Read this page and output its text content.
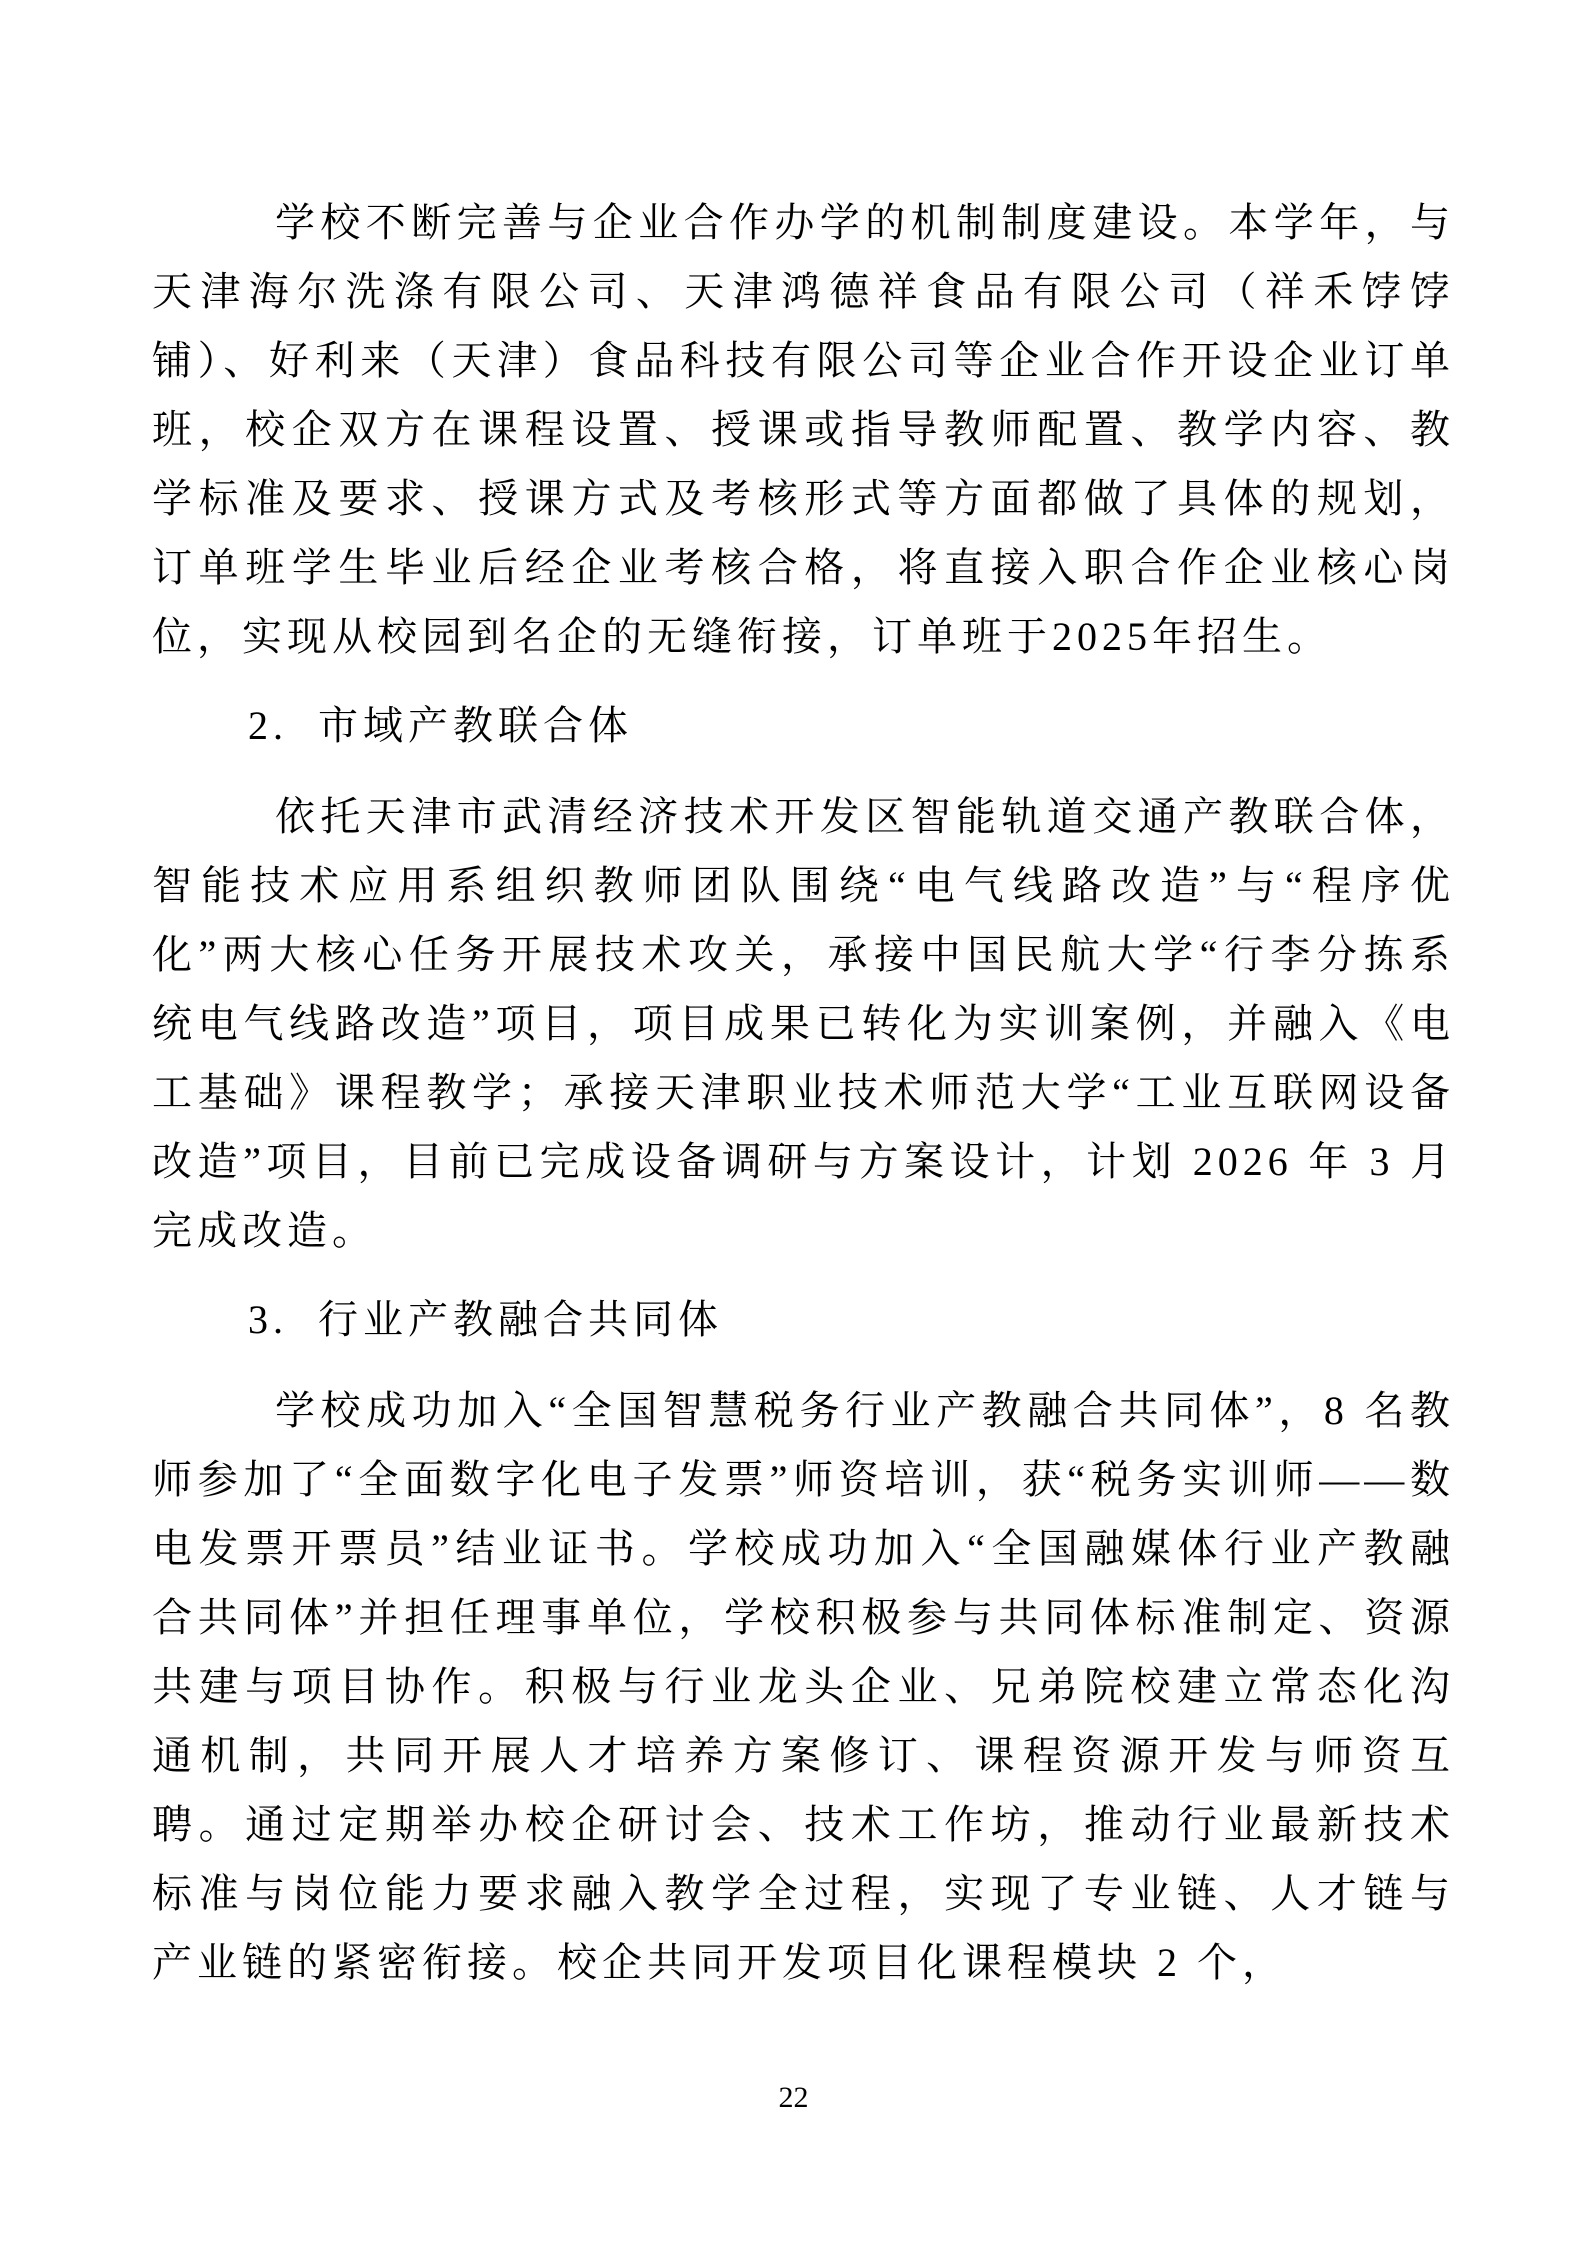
学校不断完善与企业合作办学的机制制度建设。本学年，与天津海尔洗涤有限公司、天津鸿德祥食品有限公司（祥禾饽饽铺）、好利来（天津）食品科技有限公司等企业合作开设企业订单班，校企双方在课程设置、授课或指导教师配置、教学内容、教学标准及要求、授课方式及考核形式等方面都做了具体的规划，订单班学生毕业后经企业考核合格，将直接入职合作企业核心岗位，实现从校园到名企的无缝衔接，订单班于2025年招生。

2.  市域产教联合体

依托天津市武清经济技术开发区智能轨道交通产教联合体，智能技术应用系组织教师团队围绕“电气线路改造”与“程序优化”两大核心任务开展技术攻关，承接中国民航大学“行李分拣系统电气线路改造”项目，项目成果已转化为实训案例，并融入《电工基础》课程教学；承接天津职业技术师范大学“工业互联网设备改造”项目，目前已完成设备调研与方案设计，计划 2026 年 3 月完成改造。

3.  行业产教融合共同体

学校成功加入“全国智慧税务行业产教融合共同体”，8 名教师参加了“全面数字化电子发票”师资培训，获“税务实训师——数电发票开票员”结业证书。学校成功加入“全国融媒体行业产教融合共同体”并担任理事单位，学校积极参与共同体标准制定、资源共建与项目协作。积极与行业龙头企业、兄弟院校建立常态化沟通机制，共同开展人才培养方案修订、课程资源开发与师资互聘。通过定期举办校企研讨会、技术工作坊，推动行业最新技术标准与岗位能力要求融入教学全过程，实现了专业链、人才链与产业链的紧密衔接。校企共同开发项目化课程模块 2 个，

22
